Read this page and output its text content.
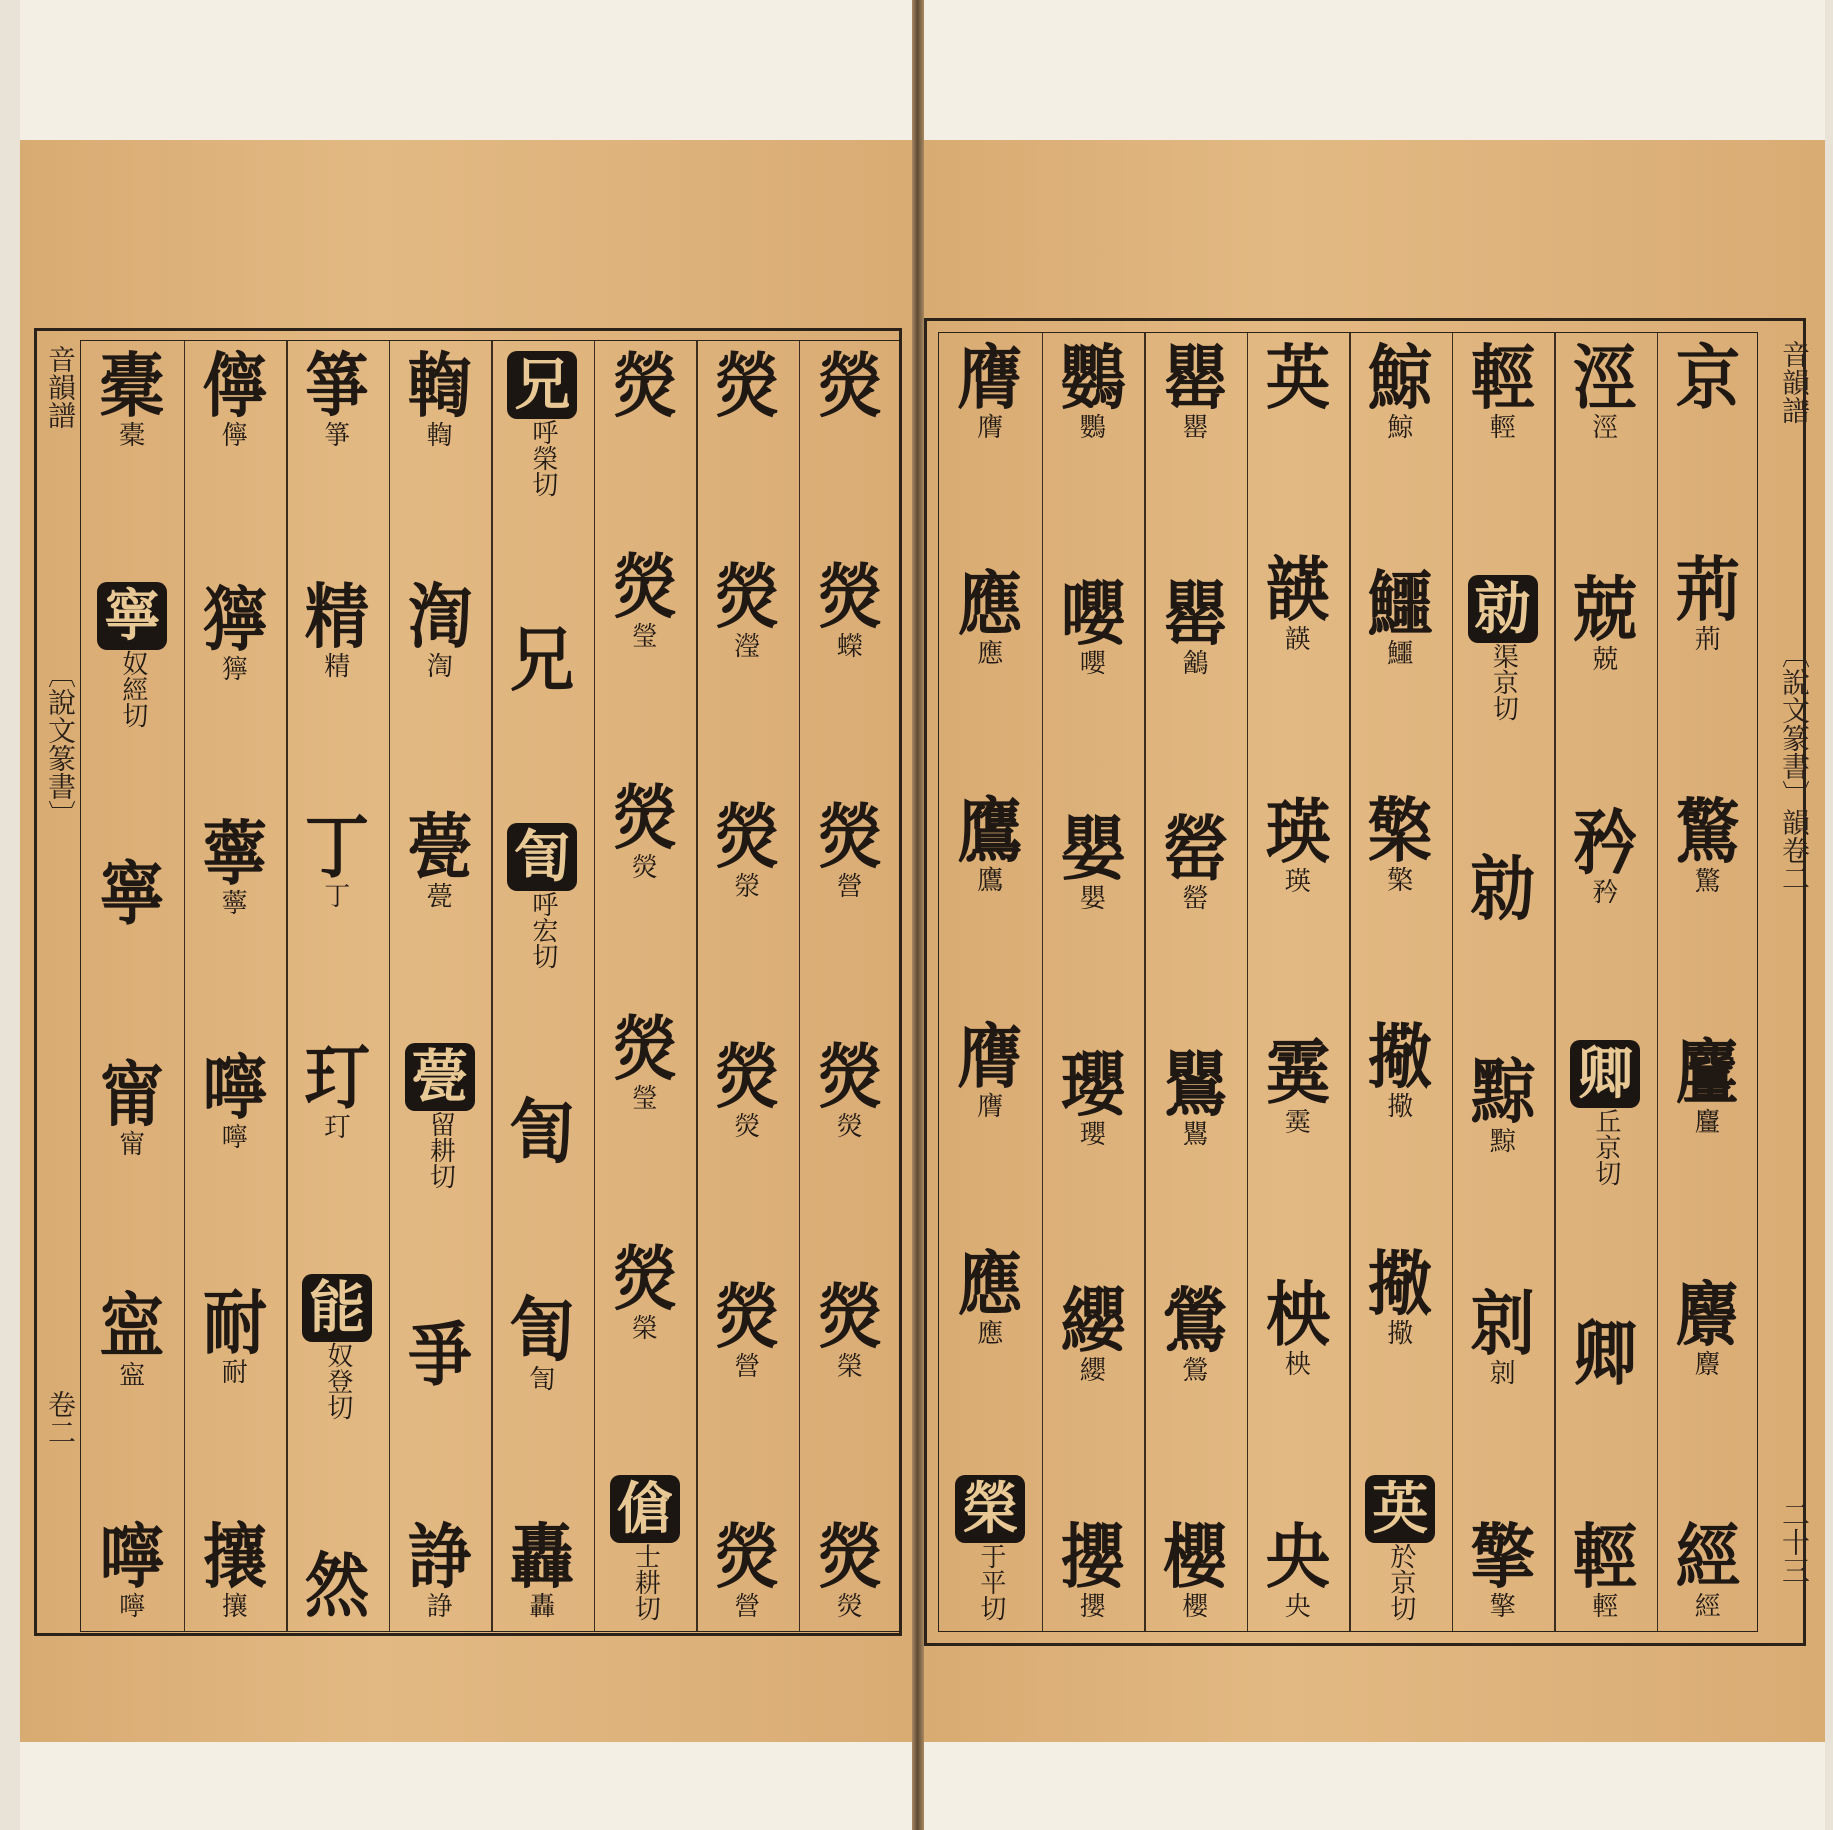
熒
熒
蠑
熒
營
熒
熒
熒
榮
熒
熒
熒
熒
瀅
熒
滎
熒
熒
熒
營
熒
營
熒
熒
瑩
熒
熒
熒
瑩
熒
榮
傖
士耕切
兄
呼榮切
兄
訇
呼宏切
訇
訇
訇
轟
轟
輷
輷
渹
渹
甍
甍
甍
留耕切
爭
諍
諍
箏
箏
精
精
丁
丁
玎
玎
能
奴登切
然
儜
儜
獰
獰
薴
薴
嚀
嚀
耐
耐
攘
攘
橐
橐
寧
奴經切
寧
甯
甯
寍
寍
嚀
嚀
音韻譜
〔說文篆書〕
卷二
京
荊
荊
驚
驚
麠
麠
麖
麖
經
經
涇
涇
兢
兢
矜
矜
卿
丘京切
卿
輕
輕
輕
輕
勍
渠京切
勍
黥
黥
剠
剠
擎
擎
鯨
鯨
鱷
鱷
檠
檠
擏
擏
擏
擏
英
於京切
英
韺
韺
瑛
瑛
霙
霙
柍
柍
央
央
罌
罌
罌
䳺
罃
罃
鸎
鸎
鶯
鶯
櫻
櫻
鸚
鸚
嚶
嚶
嬰
嬰
瓔
瓔
纓
纓
攖
攖
膺
膺
應
應
鷹
鷹
膺
膺
應
應
榮
于平切
音韻譜
〔說文篆書〕韻卷二
二十三
